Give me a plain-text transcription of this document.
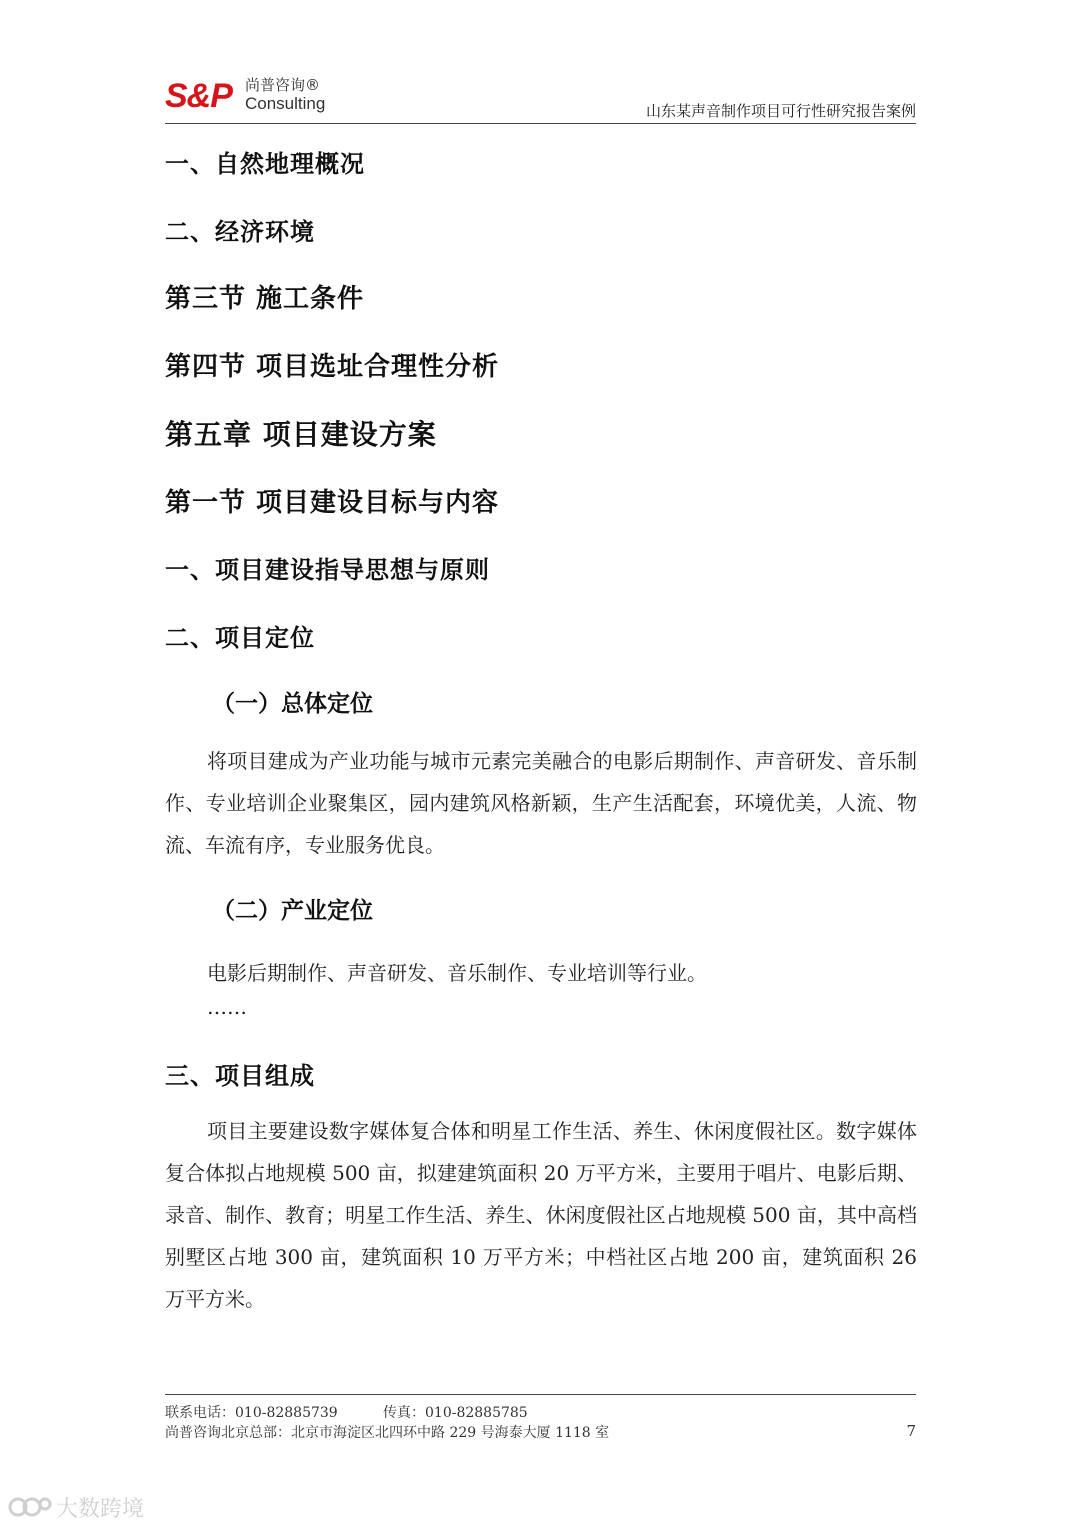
S&P 尚普咨询®
Consulting	山东某声音制作项目可行性研究报告案例
一、自然地理概况
二、经济环境
第三节 施工条件
第四节 项目选址合理性分析
第五章 项目建设方案
第一节 项目建设目标与内容
一、项目建设指导思想与原则
二、项目定位
（一）总体定位
将项目建成为产业功能与城市元素完美融合的电影后期制作、声音研发、音乐制作、专业培训企业聚集区，园内建筑风格新颖，生产生活配套，环境优美，人流、物流、车流有序，专业服务优良。
（二）产业定位
电影后期制作、声音研发、音乐制作、专业培训等行业。
……
三、项目组成
项目主要建设数字媒体复合体和明星工作生活、养生、休闲度假社区。数字媒体复合体拟占地规模 500 亩，拟建建筑面积 20 万平方米，主要用于唱片、电影后期、录音、制作、教育；明星工作生活、养生、休闲度假社区占地规模 500 亩，其中高档别墅区占地 300 亩，建筑面积 10 万平方米；中档社区占地 200 亩，建筑面积 26 万平方米。
联系电话：010-82885739	传真：010-82885785
尚普咨询北京总部：北京市海淀区北四环中路 229 号海泰大厦 1118 室	7
大数跨境
